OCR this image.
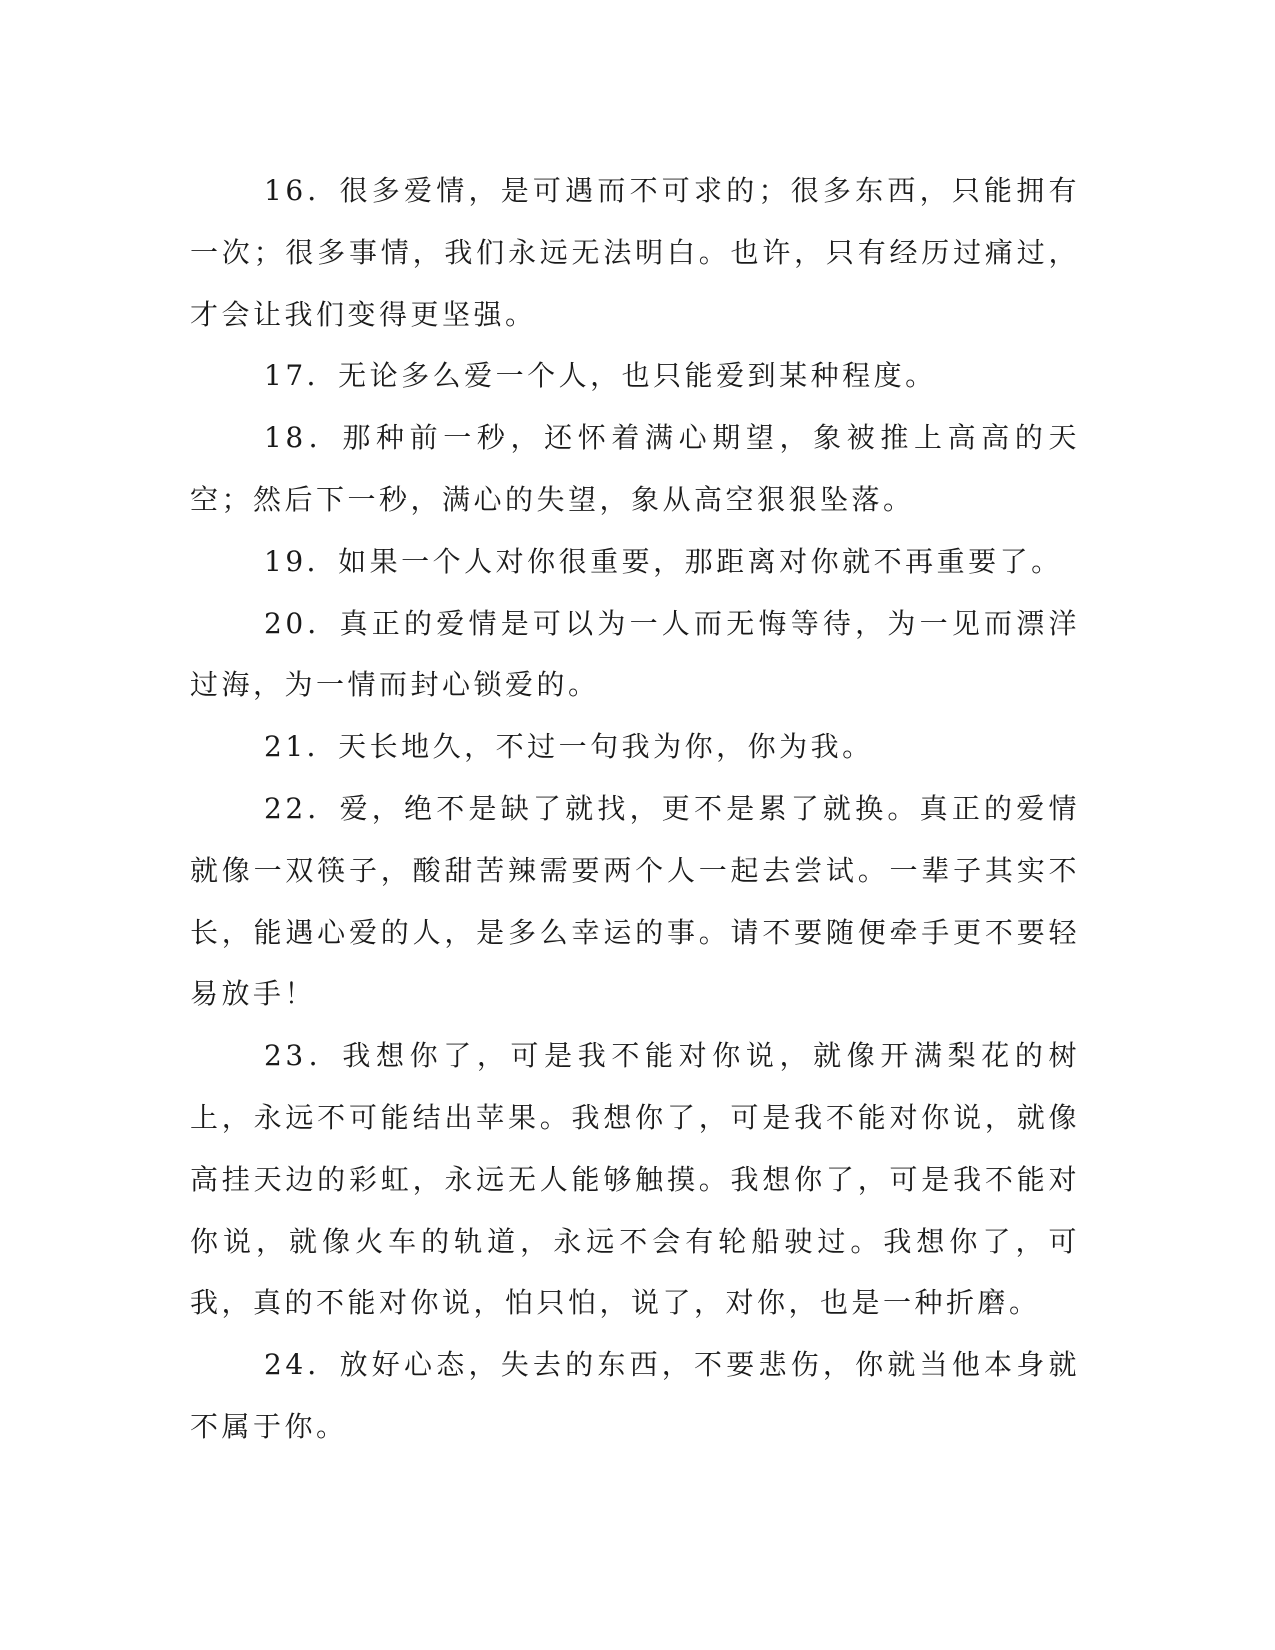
16．很多爱情，是可遇而不可求的；很多东西，只能拥有一次；很多事情，我们永远无法明白。也许，只有经历过痛过，才会让我们变得更坚强。

17．无论多么爱一个人，也只能爱到某种程度。

18．那种前一秒，还怀着满心期望，象被推上高高的天空；然后下一秒，满心的失望，象从高空狠狠坠落。

19．如果一个人对你很重要，那距离对你就不再重要了。

20．真正的爱情是可以为一人而无悔等待，为一见而漂洋过海，为一情而封心锁爱的。

21．天长地久，不过一句我为你，你为我。

22．爱，绝不是缺了就找，更不是累了就换。真正的爱情就像一双筷子，酸甜苦辣需要两个人一起去尝试。一辈子其实不长，能遇心爱的人，是多么幸运的事。请不要随便牵手更不要轻易放手！

23．我想你了，可是我不能对你说，就像开满梨花的树上，永远不可能结出苹果。我想你了，可是我不能对你说，就像高挂天边的彩虹，永远无人能够触摸。我想你了，可是我不能对你说，就像火车的轨道，永远不会有轮船驶过。我想你了，可我，真的不能对你说，怕只怕，说了，对你，也是一种折磨。

24．放好心态，失去的东西，不要悲伤，你就当他本身就不属于你。
